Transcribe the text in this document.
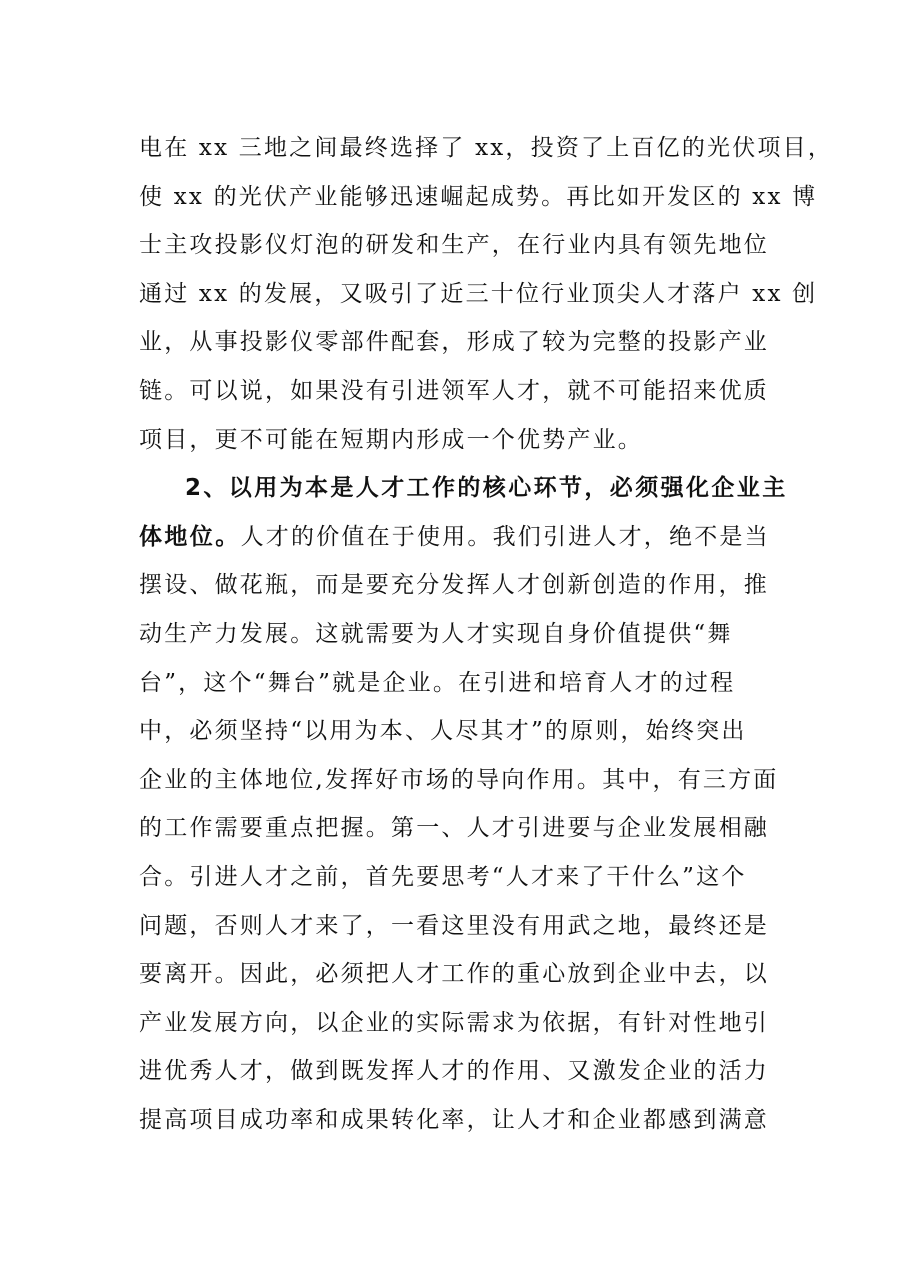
电在 xx 三地之间最终选择了 xx，投资了上百亿的光伏项目，
使 xx 的光伏产业能够迅速崛起成势。再比如开发区的 xx 博
士主攻投影仪灯泡的研发和生产，在行业内具有领先地位
通过 xx 的发展，又吸引了近三十位行业顶尖人才落户 xx 创
业，从事投影仪零部件配套，形成了较为完整的投影产业
链。可以说，如果没有引进领军人才，就不可能招来优质
项目，更不可能在短期内形成一个优势产业。
2、以用为本是人才工作的核心环节，必须强化企业主
体地位。人才的价值在于使用。我们引进人才，绝不是当
摆设、做花瓶，而是要充分发挥人才创新创造的作用，推
动生产力发展。这就需要为人才实现自身价值提供“舞
台”，这个“舞台”就是企业。在引进和培育人才的过程
中，必须坚持“以用为本、人尽其才”的原则，始终突出
企业的主体地位,发挥好市场的导向作用。其中，有三方面
的工作需要重点把握。第一、人才引进要与企业发展相融
合。引进人才之前，首先要思考“人才来了干什么”这个
问题，否则人才来了，一看这里没有用武之地，最终还是
要离开。因此，必须把人才工作的重心放到企业中去，以
产业发展方向，以企业的实际需求为依据，有针对性地引
进优秀人才，做到既发挥人才的作用、又激发企业的活力
提高项目成功率和成果转化率，让人才和企业都感到满意
